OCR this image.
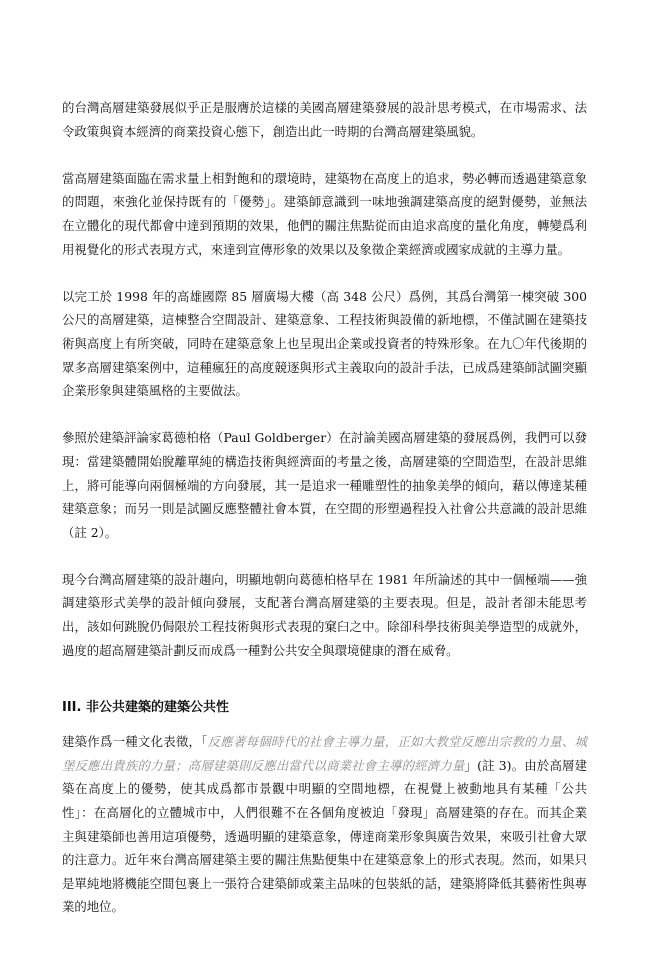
的台灣高層建築發展似乎正是服膺於這樣的美國高層建築發展的設計思考模式，在市場需求、法令政策與資本經濟的商業投資心態下，創造出此一時期的台灣高層建築風貌。

當高層建築面臨在需求量上相對飽和的環境時，建築物在高度上的追求，勢必轉而透過建築意象的問題，來強化並保持既有的「優勢」。建築師意識到一味地強調建築高度的絕對優勢，並無法在立體化的現代都會中達到預期的效果，他們的關注焦點從而由追求高度的量化角度，轉變爲利用視覺化的形式表現方式，來達到宣傳形象的效果以及象徵企業經濟或國家成就的主導力量。

以完工於 1998 年的高雄國際 85 層廣場大樓（高 348 公尺）爲例，其爲台灣第一棟突破 300 公尺的高層建築，這棟整合空間設計、建築意象、工程技術與設備的新地標，不僅試圖在建築技術與高度上有所突破，同時在建築意象上也呈現出企業或投資者的特殊形象。在九〇年代後期的眾多高層建築案例中，這種瘋狂的高度競逐與形式主義取向的設計手法，已成爲建築師試圖突顯企業形象與建築風格的主要做法。

參照於建築評論家葛德柏格（Paul Goldberger）在討論美國高層建築的發展爲例，我們可以發現：當建築體開始脫離單純的構造技術與經濟面的考量之後，高層建築的空間造型，在設計思維上，將可能導向兩個極端的方向發展，其一是追求一種雕塑性的抽象美學的傾向，藉以傳達某種建築意象；而另一則是試圖反應整體社會本質，在空間的形塑過程投入社會公共意識的設計思維（註 2）。

現今台灣高層建築的設計趨向，明顯地朝向葛德柏格早在 1981 年所論述的其中一個極端——強調建築形式美學的設計傾向發展，支配著台灣高層建築的主要表現。但是，設計者卻未能思考出，該如何跳脫仍侷限於工程技術與形式表現的窠臼之中。除卻科學技術與美學造型的成就外，過度的超高層建築計劃反而成爲一種對公共安全與環境健康的潛在威脅。

III. 非公共建築的建築公共性

建築作爲一種文化表徵，「反應著每個時代的社會主導力量，正如大教堂反應出宗教的力量、城堡反應出貴族的力量；高層建築則反應出當代以商業社會主導的經濟力量」(註 3)。由於高層建築在高度上的優勢，使其成爲都市景觀中明顯的空間地標，在視覺上被動地具有某種「公共性」：在高層化的立體城市中，人們很難不在各個角度被迫「發現」高層建築的存在。而其企業主與建築師也善用這項優勢，透過明顯的建築意象，傳達商業形象與廣告效果，來吸引社會大眾的注意力。近年來台灣高層建築主要的關注焦點便集中在建築意象上的形式表現。然而，如果只是單純地將機能空間包裹上一張符合建築師或業主品味的包裝紙的話，建築將降低其藝術性與專業的地位。
